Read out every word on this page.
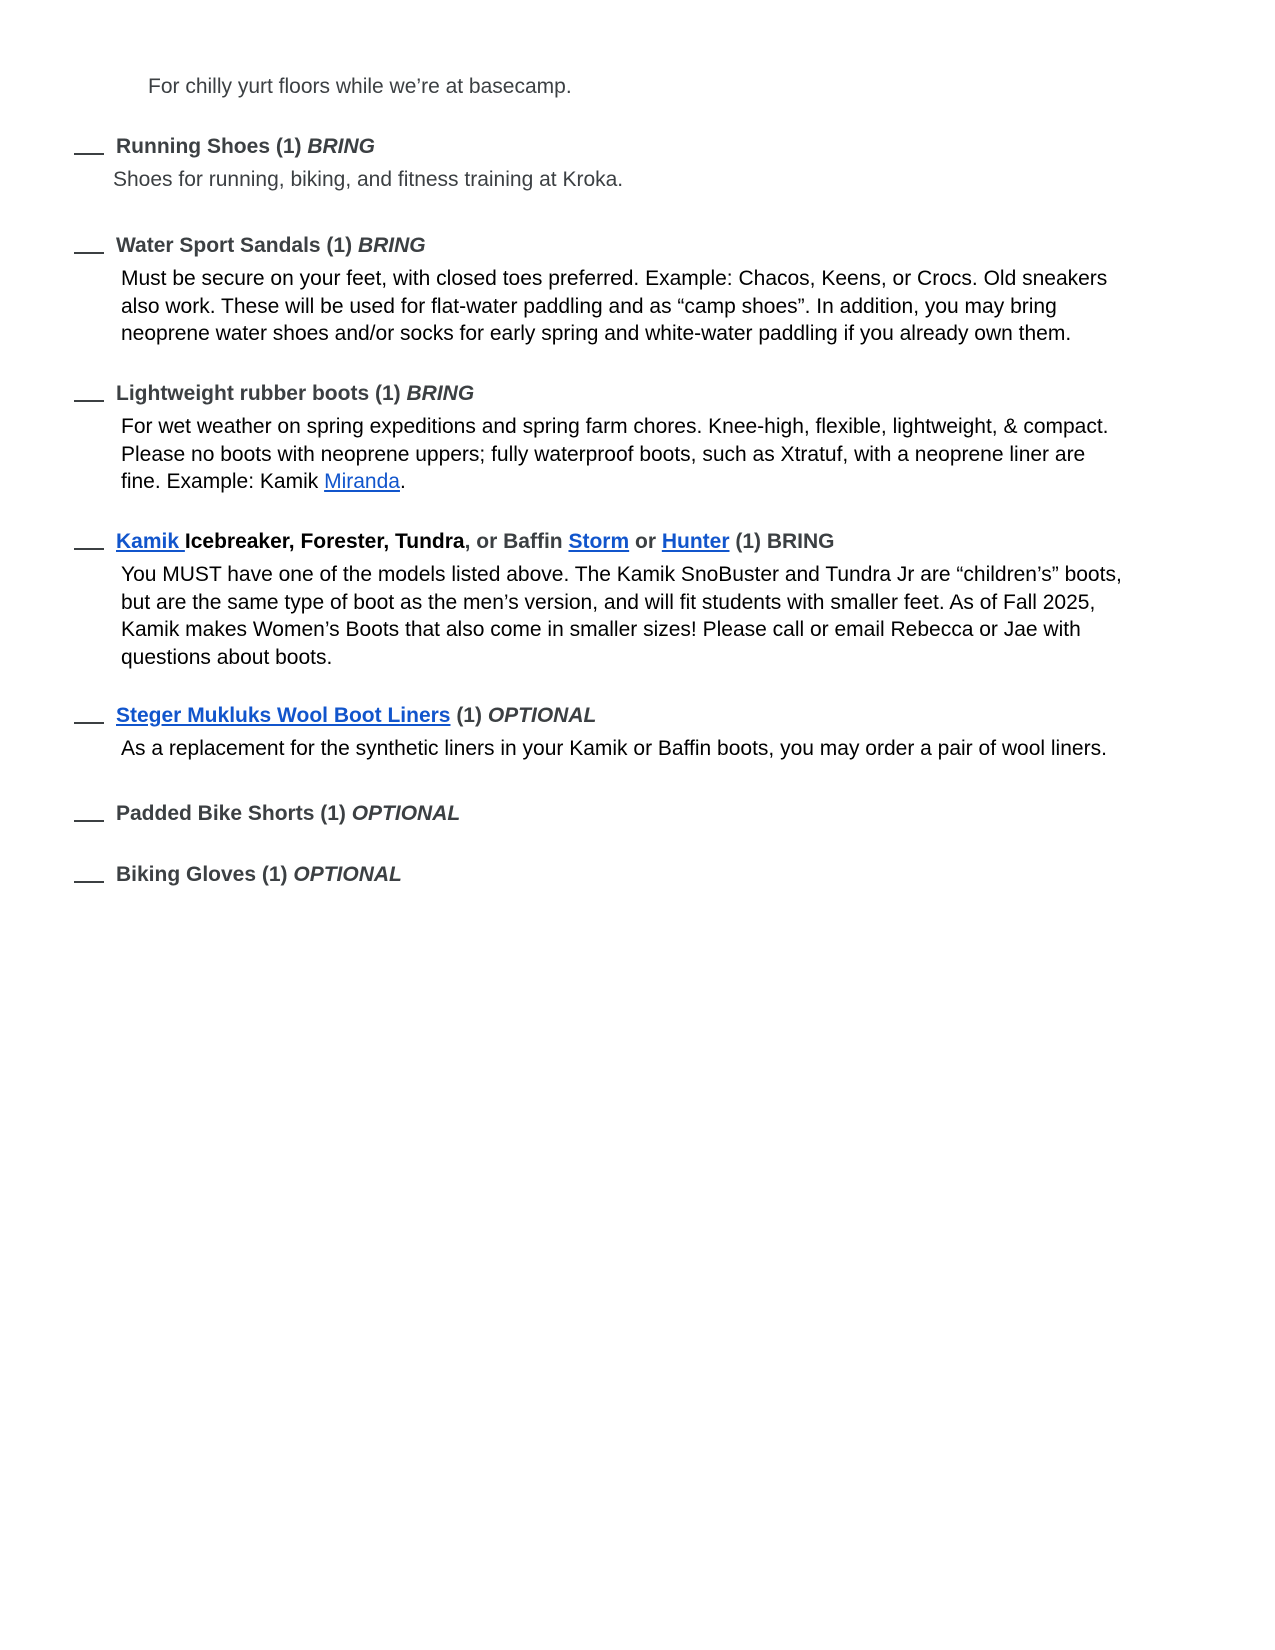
For chilly yurt floors while we’re at basecamp.
Running Shoes (1) BRING
Shoes for running, biking, and fitness training at Kroka.
Water Sport Sandals (1) BRING

Must be secure on your feet, with closed toes preferred. Example: Chacos, Keens, or Crocs. Old sneakers

also work. These will be used for flat-water paddling and as “camp shoes”. In addition, you may bring

neoprene water shoes and/or socks for early spring and white-water paddling if you already own them.

Lightweight rubber boots (1) BRING

For wet weather on spring expeditions and spring farm chores. Knee-high, flexible, lightweight, & compact.

Please no boots with neoprene uppers; fully waterproof boots, such as Xtratuf, with a neoprene liner are

fine. Example: Kamik Miranda.

Kamik Icebreaker, Forester, Tundra, or Baffin Storm or Hunter (1) BRING

You MUST have one of the models listed above. The Kamik SnoBuster and Tundra Jr are “children’s” boots,

but are the same type of boot as the men’s version, and will fit students with smaller feet. As of Fall 2025,

Kamik makes Women’s Boots that also come in smaller sizes! Please call or email Rebecca or Jae with

questions about boots.

Steger Mukluks Wool Boot Liners (1) OPTIONAL
As a replacement for the synthetic liners in your Kamik or Baffin boots, you may order a pair of wool liners.
Padded Bike Shorts (1) OPTIONAL
Biking Gloves (1) OPTIONAL
